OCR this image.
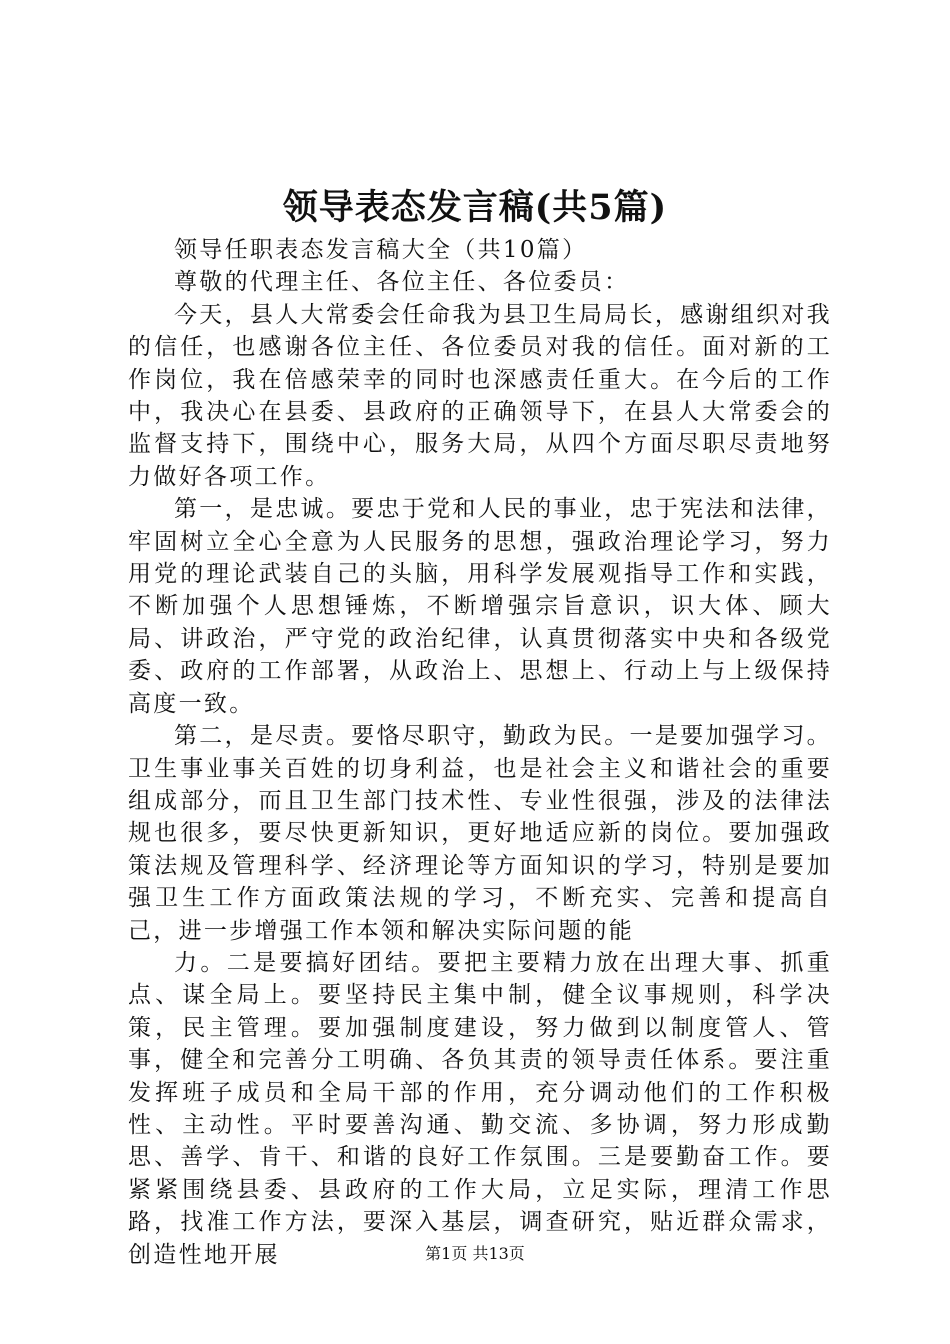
领导表态发言稿(共5篇)

领导任职表态发言稿大全（共10篇）

尊敬的代理主任、各位主任、各位委员：

今天，县人大常委会任命我为县卫生局局长，感谢组织对我的信任，也感谢各位主任、各位委员对我的信任。面对新的工作岗位，我在倍感荣幸的同时也深感责任重大。在今后的工作中，我决心在县委、县政府的正确领导下，在县人大常委会的监督支持下，围绕中心，服务大局，从四个方面尽职尽责地努力做好各项工作。

第一，是忠诚。要忠于党和人民的事业，忠于宪法和法律，牢固树立全心全意为人民服务的思想，强政治理论学习，努力用党的理论武装自己的头脑，用科学发展观指导工作和实践，不断加强个人思想锤炼，不断增强宗旨意识，识大体、顾大局、讲政治，严守党的政治纪律，认真贯彻落实中央和各级党委、政府的工作部署，从政治上、思想上、行动上与上级保持高度一致。

第二，是尽责。要恪尽职守，勤政为民。一是要加强学习。卫生事业事关百姓的切身利益，也是社会主义和谐社会的重要组成部分，而且卫生部门技术性、专业性很强，涉及的法律法规也很多，要尽快更新知识，更好地适应新的岗位。要加强政策法规及管理科学、经济理论等方面知识的学习，特别是要加强卫生工作方面政策法规的学习，不断充实、完善和提高自己，进一步增强工作本领和解决实际问题的能

力。二是要搞好团结。要把主要精力放在出理大事、抓重点、谋全局上。要坚持民主集中制，健全议事规则，科学决策，民主管理。要加强制度建设，努力做到以制度管人、管事，健全和完善分工明确、各负其责的领导责任体系。要注重发挥班子成员和全局干部的作用，充分调动他们的工作积极性、主动性。平时要善沟通、勤交流、多协调，努力形成勤思、善学、肯干、和谐的良好工作氛围。三是要勤奋工作。要紧紧围绕县委、县政府的工作大局，立足实际，理清工作思路，找准工作方法，要深入基层，调查研究，贴近群众需求，创造性地开展	第1页 共13页
